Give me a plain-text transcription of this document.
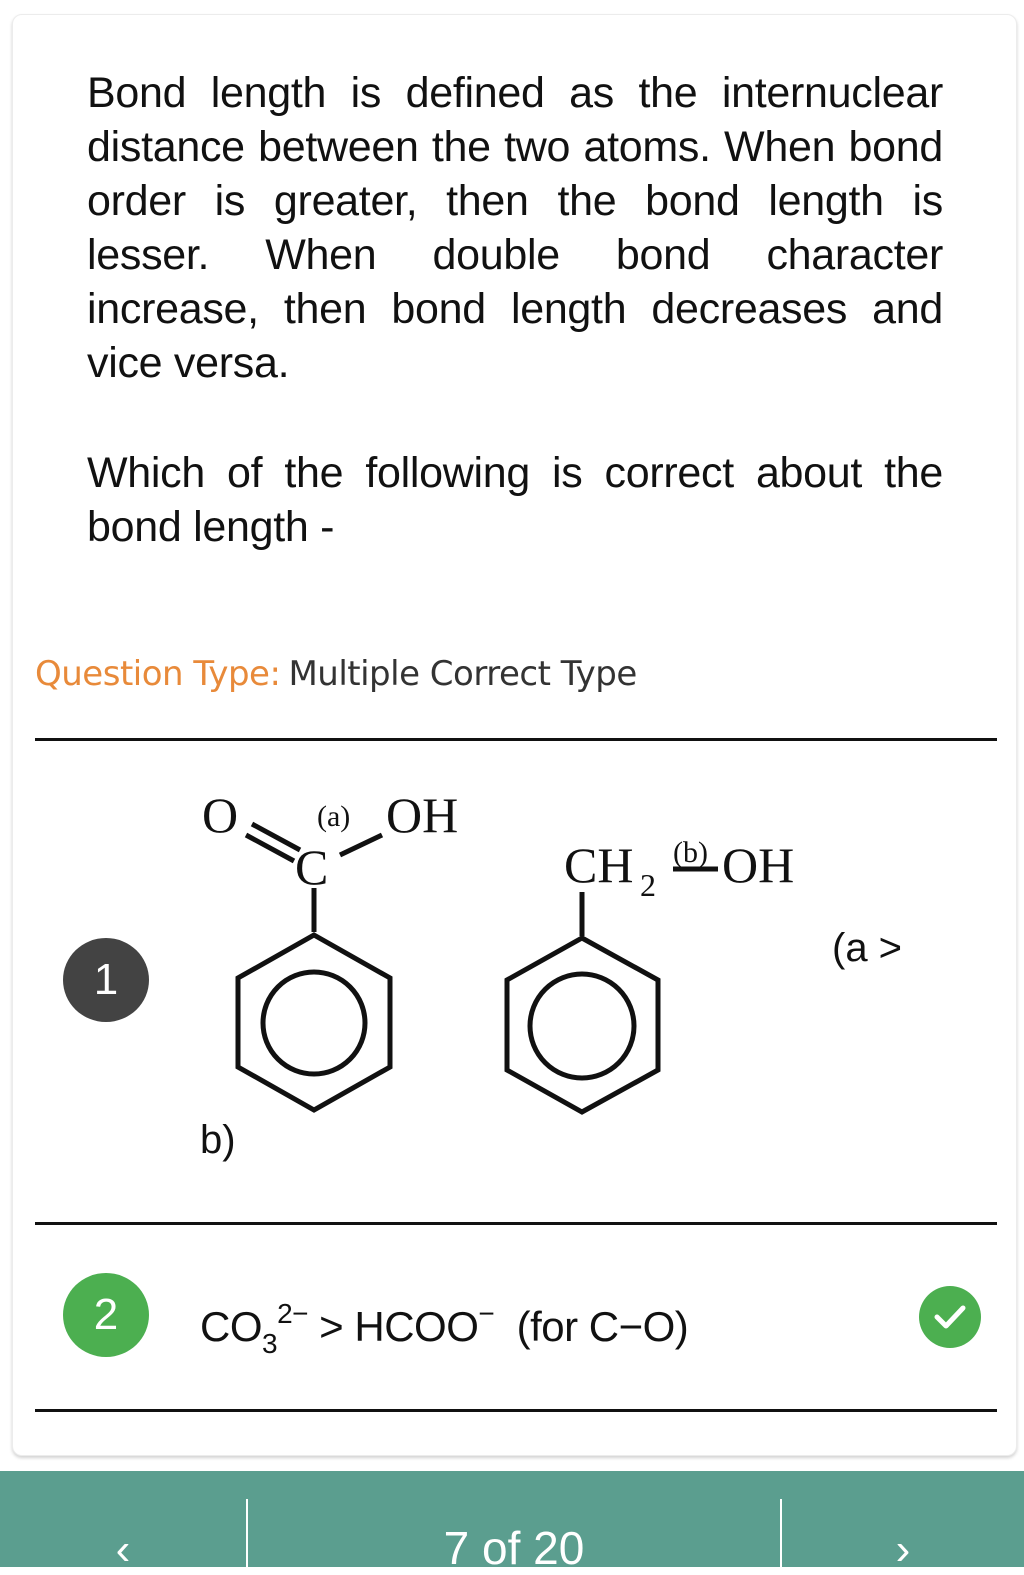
Bond length is defined as the internuclear distance between the two atoms. When bond order is greater, then the bond length is lesser. When double bond character increase, then bond length decreases and vice versa.

Which of the following is correct about the bond length -

Question Type: Multiple Correct Type
1
O	(a) OH
C	CH 2
(b) OH
(a >
b)
2 $CO_3^{2-}$ > HCOO−  (for C−O)
‹	7 of 20	›
